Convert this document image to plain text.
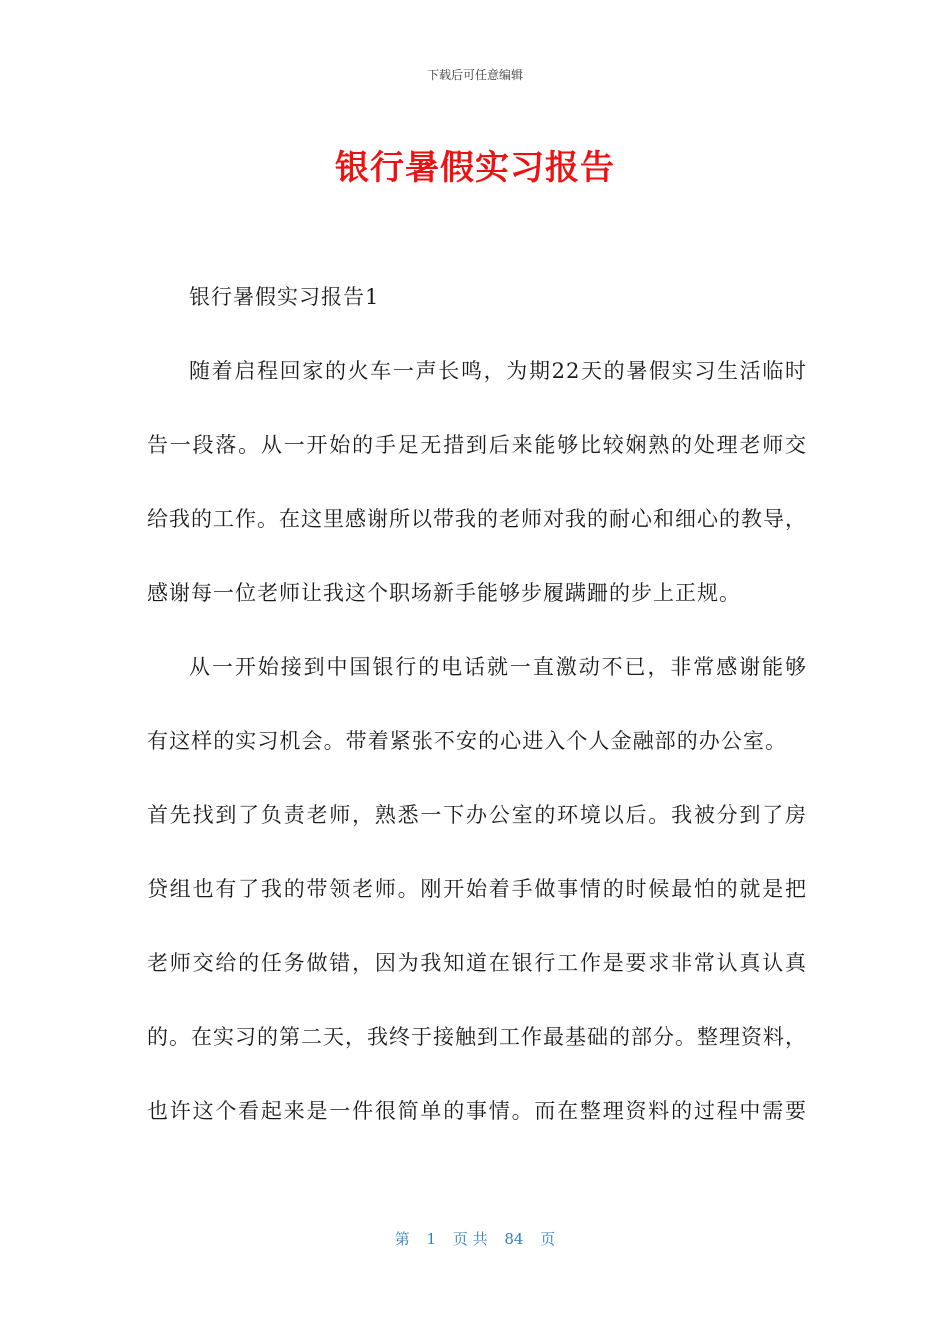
下载后可任意编辑
银行暑假实习报告
银行暑假实习报告1
随着启程回家的火车一声长鸣，为期22天的暑假实习生活临时
告一段落。从一开始的手足无措到后来能够比较娴熟的处理老师交
给我的工作。在这里感谢所以带我的老师对我的耐心和细心的教导，
感谢每一位老师让我这个职场新手能够步履蹒跚的步上正规。
从一开始接到中国银行的电话就一直激动不已，非常感谢能够
有这样的实习机会。带着紧张不安的心进入个人金融部的办公室。
首先找到了负责老师，熟悉一下办公室的环境以后。我被分到了房
贷组也有了我的带领老师。刚开始着手做事情的时候最怕的就是把
老师交给的任务做错，因为我知道在银行工作是要求非常认真认真
的。在实习的第二天，我终于接触到工作最基础的部分。整理资料，
也许这个看起来是一件很简单的事情。而在整理资料的过程中需要
第 1 页 共 84 页
